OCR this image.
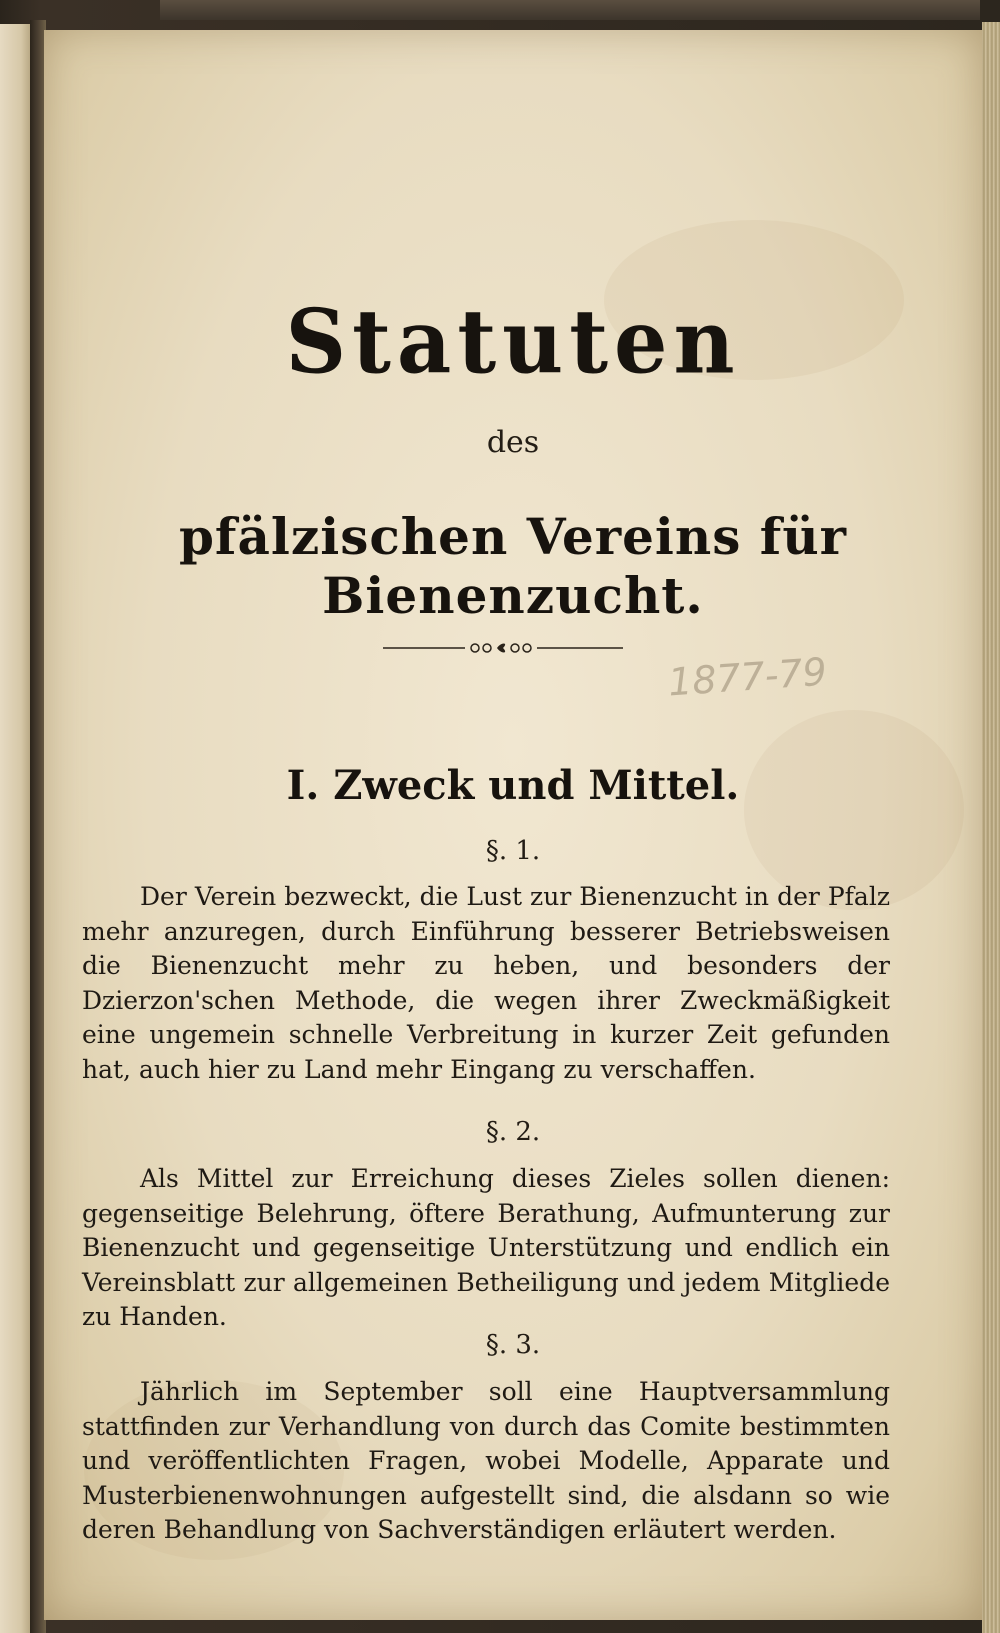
Statuten
des
pfälzischen Vereins für Bienenzucht.
1877-79
I. Zweck und Mittel.
§. 1.

Der Verein bezweckt, die Lust zur Bienenzucht in der Pfalz mehr anzuregen, durch Einführung besserer Betriebsweisen die Bienenzucht mehr zu heben, und besonders der Dzierzon'schen Methode, die wegen ihrer Zweckmäßigkeit eine ungemein schnelle Verbreitung in kurzer Zeit gefunden hat, auch hier zu Land mehr Eingang zu verschaffen.

§. 2.

Als Mittel zur Erreichung dieses Zieles sollen dienen: gegenseitige Belehrung, öftere Berathung, Aufmunterung zur Bienenzucht und gegenseitige Unterstützung und endlich ein Vereinsblatt zur allgemeinen Betheiligung und jedem Mitgliede zu Handen.

§. 3.

Jährlich im September soll eine Hauptversammlung stattfinden zur Verhandlung von durch das Comite bestimmten und veröffentlichten Fragen, wobei Modelle, Apparate und Musterbienenwohnungen aufgestellt sind, die alsdann so wie deren Behandlung von Sachverständigen erläutert werden.
